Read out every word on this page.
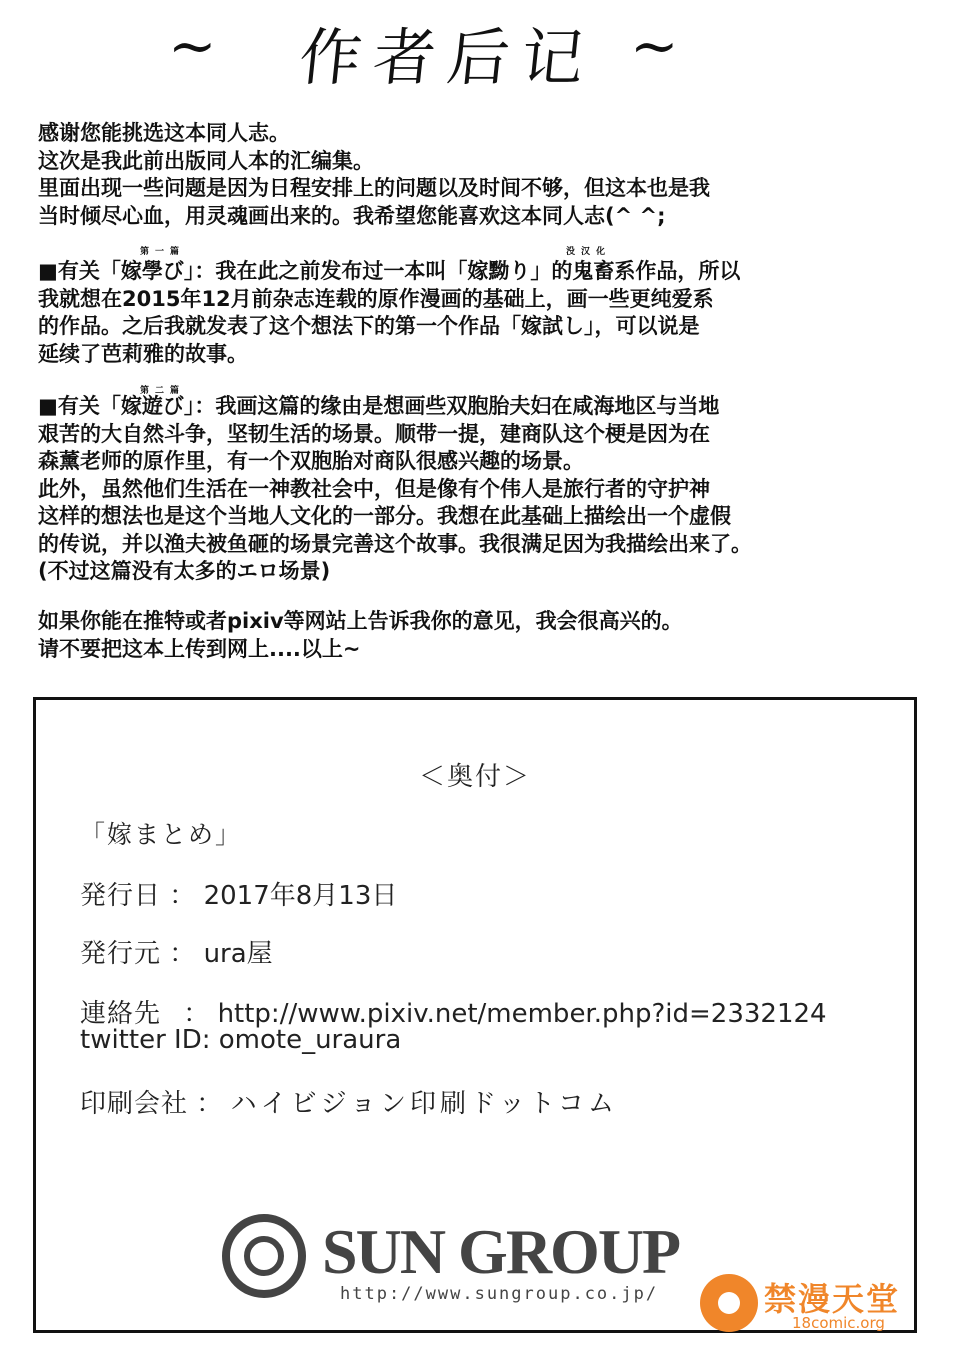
~ 作者后记 ~

感谢您能挑选这本同人志。

这次是我此前出版同人本的汇编集。

里面出现一些问题是因为日程安排上的问题以及时间不够，但这本也是我

当时倾尽心血，用灵魂画出来的。我希望您能喜欢这本同人志(^ ^;

第一篇	没汉化

■有关「嫁學び」：我在此之前发布过一本叫「嫁黝り」的鬼畜系作品，所以

我就想在2015年12月前杂志连载的原作漫画的基础上，画一些更纯爱系

的作品。之后我就发表了这个想法下的第一个作品「嫁試し」，可以说是

延续了芭莉雅的故事。

第二篇

■有关「嫁遊び」：我画这篇的缘由是想画些双胞胎夫妇在咸海地区与当地

艰苦的大自然斗争，坚韧生活的场景。顺带一提，建商队这个梗是因为在

森薰老师的原作里，有一个双胞胎对商队很感兴趣的场景。

此外，虽然他们生活在一神教社会中，但是像有个伟人是旅行者的守护神

这样的想法也是这个当地人文化的一部分。我想在此基础上描绘出一个虚假

的传说，并以渔夫被鱼砸的场景完善这个故事。我很满足因为我描绘出来了。

(不过这篇没有太多的エロ场景)

如果你能在推特或者pixiv等网站上告诉我你的意见，我会很高兴的。

请不要把这本上传到网上....以上~

＜奥付＞
「嫁まとめ」
発行日 ： 2017年8月13日
発行元 ： ura屋
連絡先 ： http://www.pixiv.net/member.php?id=2332124
twitter ID: omote_uraura
印刷会社 ： ハイビジョン印刷ドットコム
SUN GROUP
http://www.sungroup.co.jp/	禁漫天堂
18comic.org
